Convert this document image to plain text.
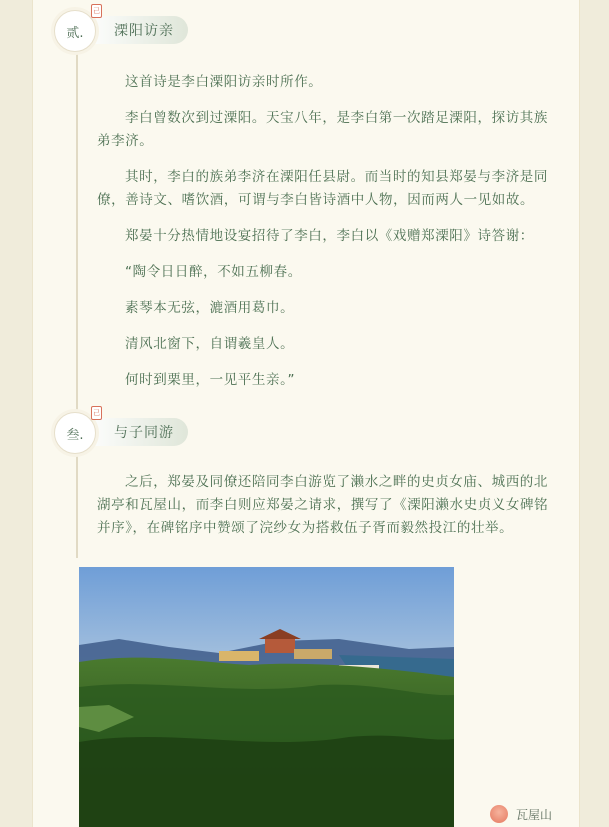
贰.
己
溧阳访亲

这首诗是李白溧阳访亲时所作。

李白曾数次到过溧阳。天宝八年，是李白第一次踏足溧阳，探访其族弟李济。

其时，李白的族弟李济在溧阳任县尉。而当时的知县郑晏与李济是同僚，善诗文、嗜饮酒，可谓与李白皆诗酒中人物，因而两人一见如故。

郑晏十分热情地设宴招待了李白，李白以《戏赠郑溧阳》诗答谢：

“陶令日日醉，不如五柳春。

素琴本无弦，漉酒用葛巾。

清风北窗下，自谓羲皇人。

何时到栗里，一见平生亲。”

叁.
己
与子同游

之后，郑晏及同僚还陪同李白游览了濑水之畔的史贞女庙、城西的北湖亭和瓦屋山，而李白则应郑晏之请求，撰写了《溧阳濑水史贞义女碑铭并序》，在碑铭序中赞颂了浣纱女为搭救伍子胥而毅然投江的壮举。

瓦屋山
